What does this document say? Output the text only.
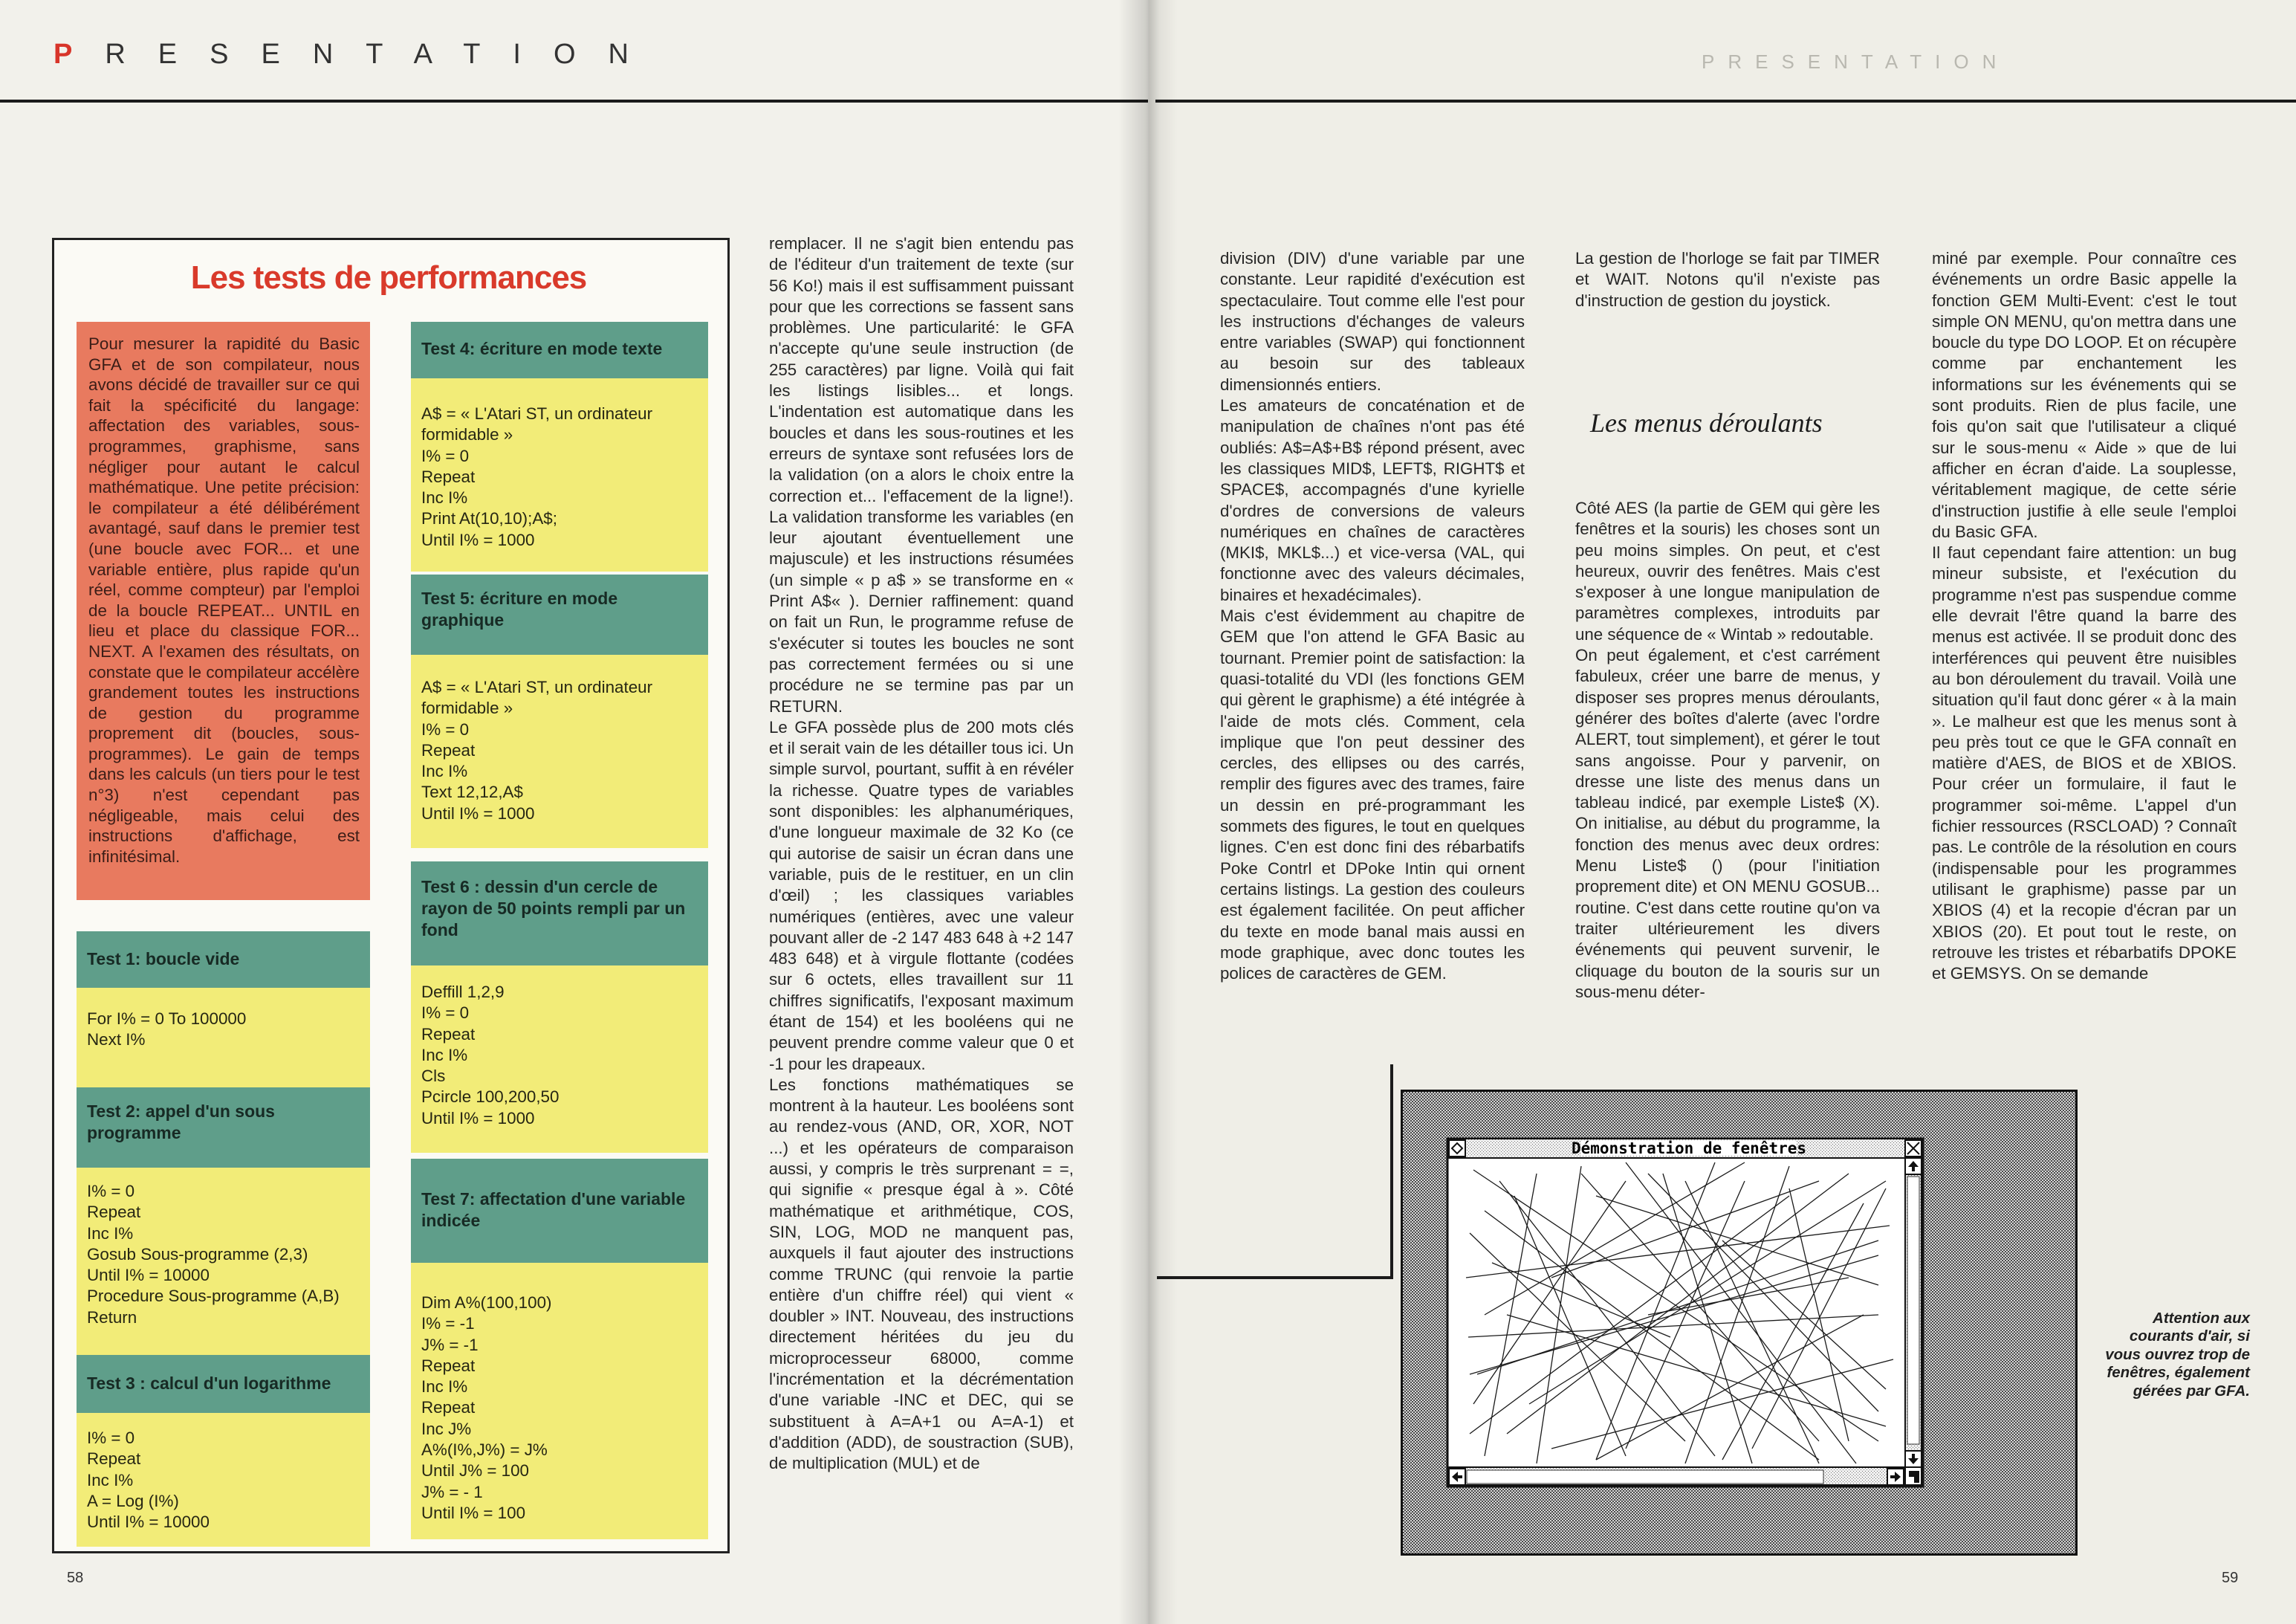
PRESENTATION
Les tests de performances
Pour mesurer la rapidité du Basic GFA et de son compilateur, nous avons décidé de travailler sur ce qui fait la spécificité du langage: affectation des variables, sous-programmes, graphisme, sans négliger pour autant le calcul mathématique. Une petite précision: le compilateur a été délibérément avantagé, sauf dans le premier test (une boucle avec FOR... et une variable entière, plus rapide qu'un réel, comme compteur) par l'emploi de la boucle REPEAT... UNTIL en lieu et place du classique FOR... NEXT. A l'examen des résultats, on constate que le compilateur accélère grandement toutes les instructions de gestion du programme proprement dit (boucles, sous-programmes). Le gain de temps dans les calculs (un tiers pour le test n°3) n'est cependant pas négligeable, mais celui des instructions d'affichage, est infinitésimal.
Test 1: boucle vide
For I% = 0 To 100000
Next I%
Test 2: appel d'un sous programme
I% = 0
Repeat
Inc I%
Gosub Sous-programme (2,3)
Until I% = 10000
Procedure Sous-programme (A,B)
Return
Test 3 : calcul d'un logarithme
I% = 0
Repeat
Inc I%
A = Log (I%)
Until I% = 10000
Test 4: écriture en mode texte
A$ = « L'Atari ST, un ordinateur formidable »
I% = 0
Repeat
Inc I%
Print At(10,10);A$;
Until I% = 1000
Test 5: écriture en mode graphique
A$ = « L'Atari ST, un ordinateur formidable »
I% = 0
Repeat
Inc I%
Text 12,12,A$
Until I% = 1000
Test 6 : dessin d'un cercle de rayon de 50 points rempli par un fond
Deffill 1,2,9
I% = 0
Repeat
Inc I%
Cls
Pcircle 100,200,50
Until I% = 1000
Test 7: affectation d'une variable indicée
Dim A%(100,100)
I% = -1
J% = -1
Repeat
Inc I%
Repeat
Inc J%
A%(I%,J%) = J%
Until J% = 100
J% = - 1
Until I% = 100
remplacer. Il ne s'agit bien entendu pas de l'éditeur d'un traitement de texte (sur 56 Ko!) mais il est suffisamment puissant pour que les corrections se fassent sans problèmes. Une particularité: le GFA n'accepte qu'une seule instruction (de 255 caractères) par ligne. Voilà qui fait les listings lisibles... et longs. L'indentation est automatique dans les boucles et dans les sous-routines et les erreurs de syntaxe sont refusées lors de la validation (on a alors le choix entre la correction et... l'effacement de la ligne!). La validation transforme les variables (en leur ajoutant éventuellement une majuscule) et les instructions résumées (un simple « p a$ » se transforme en « Print A$« ). Dernier raffinement: quand on fait un Run, le programme refuse de s'exécuter si toutes les boucles ne sont pas correctement fermées ou si une procédure ne se termine pas par un RETURN.
Le GFA possède plus de 200 mots clés et il serait vain de les détailler tous ici. Un simple survol, pourtant, suffit à en révéler la richesse. Quatre types de variables sont disponibles: les alphanumériques, d'une longueur maximale de 32 Ko (ce qui autorise de saisir un écran dans une variable, puis de le restituer, en un clin d'œil) ; les classiques variables numériques (entières, avec une valeur pouvant aller de -2 147 483 648 à +2 147 483 648) et à virgule flottante (codées sur 6 octets, elles travaillent sur 11 chiffres significatifs, l'exposant maximum étant de 154) et les booléens qui ne peuvent prendre comme valeur que 0 et -1 pour les drapeaux.
Les fonctions mathématiques se montrent à la hauteur. Les booléens sont au rendez-vous (AND, OR, XOR, NOT ...) et les opérateurs de comparaison aussi, y compris le très surprenant = =, qui signifie « presque égal à ». Côté mathématique et arithmétique, COS, SIN, LOG, MOD ne manquent pas, auxquels il faut ajouter des instructions comme TRUNC (qui renvoie la partie entière d'un chiffre réel) qui vient « doubler » INT. Nouveau, des instructions directement héritées du jeu du microprocesseur 68000, comme l'incrémentation et la décrémentation d'une variable -INC et DEC, qui se substituent à A=A+1 ou A=A-1) et d'addition (ADD), de soustraction (SUB), de multiplication (MUL) et de
58
PRESENTATION
division (DIV) d'une variable par une constante. Leur rapidité d'exécution est spectaculaire. Tout comme elle l'est pour les instructions d'échanges de valeurs entre variables (SWAP) qui fonctionnent au besoin sur des tableaux dimensionnés entiers.
Les amateurs de concaténation et de manipulation de chaînes n'ont pas été oubliés: A$=A$+B$ répond présent, avec les classiques MID$, LEFT$, RIGHT$ et SPACE$, accompagnés d'une kyrielle d'ordres de conversions de valeurs numériques en chaînes de caractères (MKI$, MKL$...) et vice-versa (VAL, qui fonctionne avec des valeurs décimales, binaires et hexadécimales).
Mais c'est évidemment au chapitre de GEM que l'on attend le GFA Basic au tournant. Premier point de satisfaction: la quasi-totalité du VDI (les fonctions GEM qui gèrent le graphisme) a été intégrée à l'aide de mots clés. Comment, cela implique que l'on peut dessiner des cercles, des ellipses ou des carrés, remplir des figures avec des trames, faire un dessin en pré-programmant les sommets des figures, le tout en quelques lignes. C'en est donc fini des rébarbatifs Poke Contrl et DPoke Intin qui ornent certains listings. La gestion des couleurs est également facilitée. On peut afficher du texte en mode banal mais aussi en mode graphique, avec donc toutes les polices de caractères de GEM.
La gestion de l'horloge se fait par TIMER et WAIT. Notons qu'il n'existe pas d'instruction de gestion du joystick.
Côté AES (la partie de GEM qui gère les fenêtres et la souris) les choses sont un peu moins simples. On peut, et c'est heureux, ouvrir des fenêtres. Mais c'est s'exposer à une longue manipulation de paramètres complexes, introduits par une séquence de « Wintab » redoutable.
On peut également, et c'est carrément fabuleux, créer une barre de menus, y disposer ses propres menus déroulants, générer des boîtes d'alerte (avec l'ordre ALERT, tout simplement), et gérer le tout sans angoisse. Pour y parvenir, on dresse une liste des menus dans un tableau indicé, par exemple Liste$ (X). On initialise, au début du programme, la fonction des menus avec deux ordres: Menu Liste$ () (pour l'initiation proprement dite) et ON MENU GOSUB... routine. C'est dans cette routine qu'on va traiter ultérieurement les divers événements qui peuvent survenir, le cliquage du bouton de la souris sur un sous-menu déter-
miné par exemple. Pour connaître ces événements un ordre Basic appelle la fonction GEM Multi-Event: c'est le tout simple ON MENU, qu'on mettra dans une boucle du type DO LOOP. Et on récupère comme par enchantement les informations sur les événements qui se sont produits. Rien de plus facile, une fois qu'on sait que l'utilisateur a cliqué sur le sous-menu « Aide » que de lui afficher en écran d'aide. La souplesse, véritablement magique, de cette série d'instruction justifie à elle seule l'emploi du Basic GFA.
Il faut cependant faire attention: un bug mineur subsiste, et l'exécution du programme n'est pas suspendue comme elle devrait l'être quand la barre des menus est activée. Il se produit donc des interférences qui peuvent être nuisibles au bon déroulement du travail. Voilà une situation qu'il faut donc gérer « à la main ». Le malheur est que les menus sont à peu près tout ce que le GFA connaît en matière d'AES, de BIOS et de XBIOS. Pour créer un formulaire, il faut le programmer soi-même. L'appel d'un fichier ressources (RSCLOAD) ? Connaît pas. Le contrôle de la résolution en cours (indispensable pour les programmes utilisant le graphisme) passe par un XBIOS (4) et la recopie d'écran par un XBIOS (20). Et pout tout le reste, on retrouve les tristes et rébarbatifs DPOKE et GEMSYS. On se demande
59
Les menus déroulants
Démonstration de fenêtres
Attention aux courants d'air, si vous ouvrez trop de fenêtres, également gérées par GFA.
